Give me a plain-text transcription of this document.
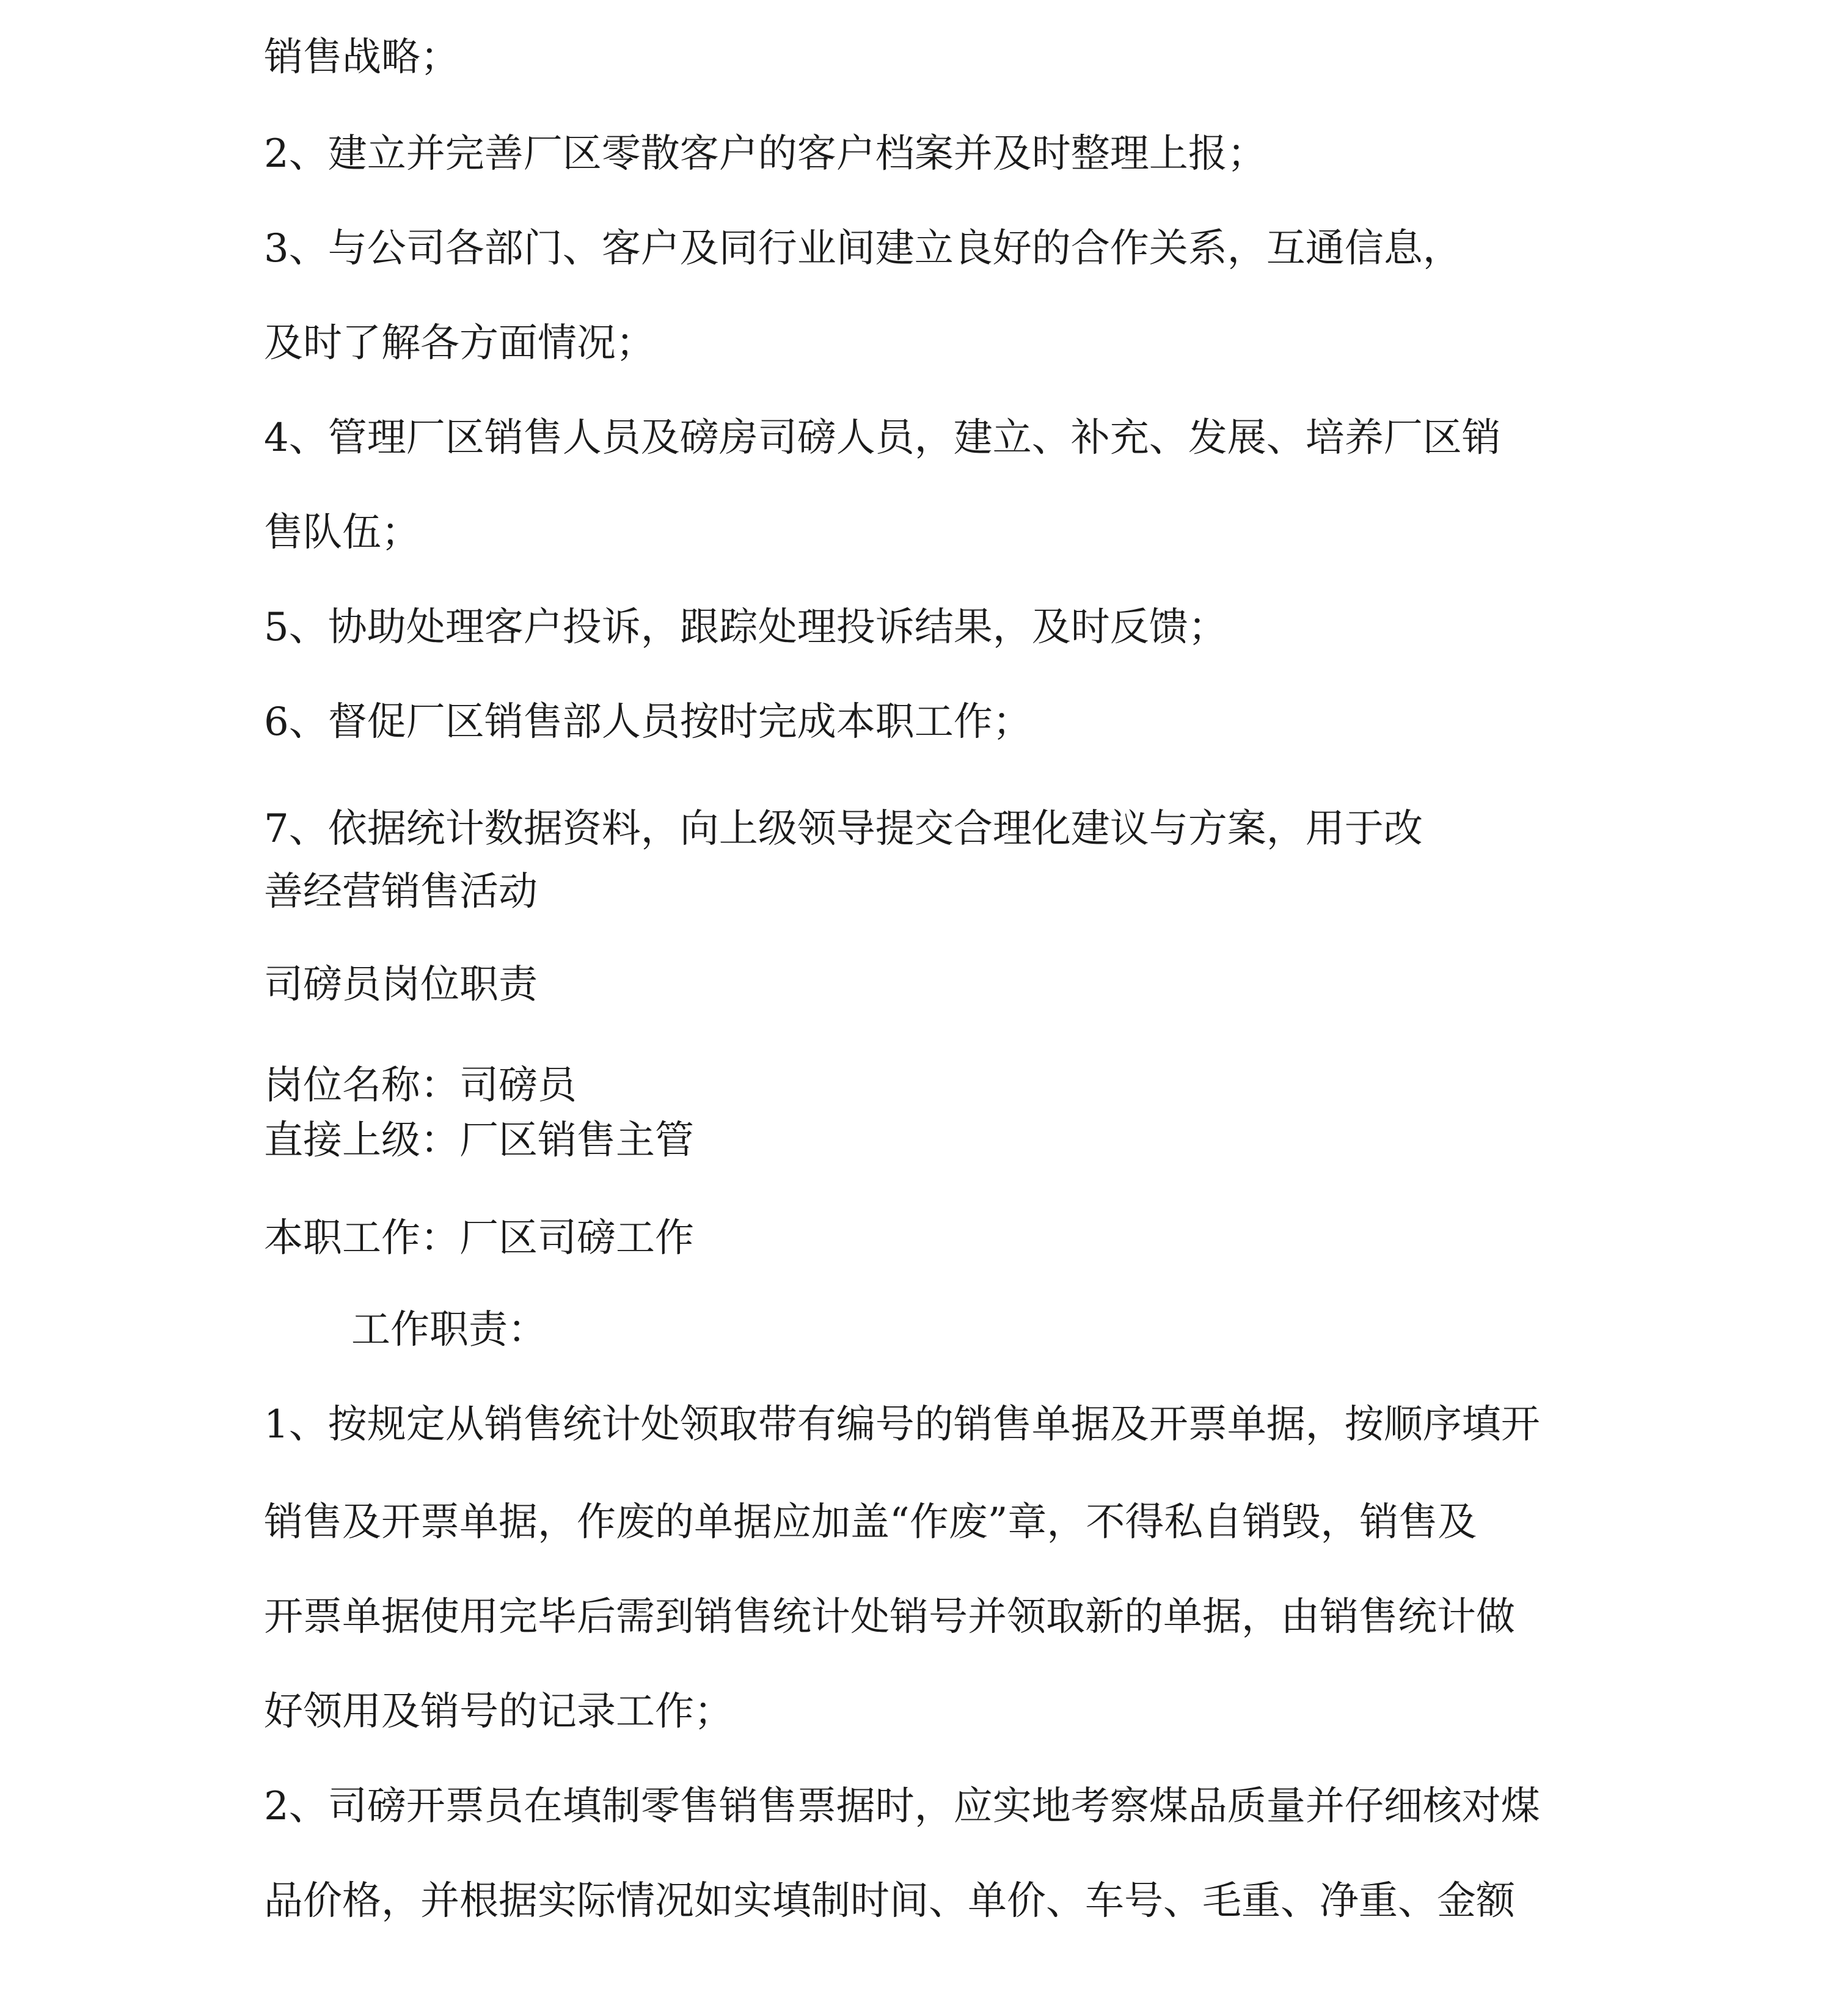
销售战略；
2、建立并完善厂区零散客户的客户档案并及时整理上报；
3、与公司各部门、客户及同行业间建立良好的合作关系，互通信息，
及时了解各方面情况；
4、管理厂区销售人员及磅房司磅人员，建立、补充、发展、培养厂区销
售队伍；
5、协助处理客户投诉，跟踪处理投诉结果，及时反馈；
6、督促厂区销售部人员按时完成本职工作；
7、依据统计数据资料，向上级领导提交合理化建议与方案，用于改
善经营销售活动
司磅员岗位职责
岗位名称：司磅员
直接上级：厂区销售主管
本职工作：厂区司磅工作
工作职责：
1、按规定从销售统计处领取带有编号的销售单据及开票单据，按顺序填开
销售及开票单据，作废的单据应加盖“作废”章，不得私自销毁，销售及
开票单据使用完毕后需到销售统计处销号并领取新的单据，由销售统计做
好领用及销号的记录工作；
2、司磅开票员在填制零售销售票据时，应实地考察煤品质量并仔细核对煤
品价格，并根据实际情况如实填制时间、单价、车号、毛重、净重、金额
